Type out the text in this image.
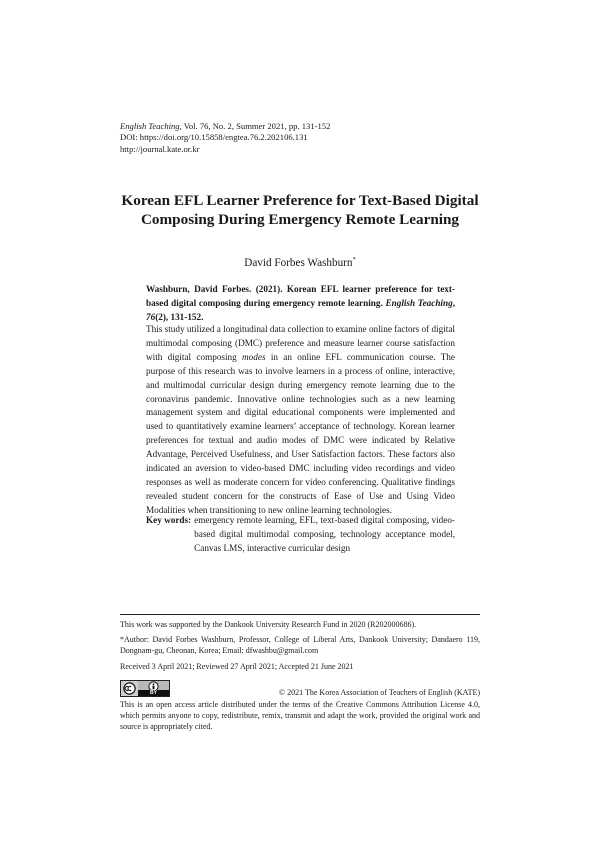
English Teaching, Vol. 76, No. 2, Summer 2021, pp. 131-152
DOI: https://doi.org/10.15858/engtea.76.2.202106.131
http://journal.kate.or.kr
Korean EFL Learner Preference for Text-Based Digital
Composing During Emergency Remote Learning
David Forbes Washburn*
Washburn, David Forbes. (2021). Korean EFL learner preference for text-based digital composing during emergency remote learning. English Teaching, 76(2), 131-152.
This study utilized a longitudinal data collection to examine online factors of digital multimodal composing (DMC) preference and measure learner course satisfaction with digital composing modes in an online EFL communication course. The purpose of this research was to involve learners in a process of online, interactive, and multimodal curricular design during emergency remote learning due to the coronavirus pandemic. Innovative online technologies such as a new learning management system and digital educational components were implemented and used to quantitatively examine learners’ acceptance of technology. Korean learner preferences for textual and audio modes of DMC were indicated by Relative Advantage, Perceived Usefulness, and User Satisfaction factors. These factors also indicated an aversion to video-based DMC including video recordings and video responses as well as moderate concern for video conferencing. Qualitative findings revealed student concern for the constructs of Ease of Use and Using Video Modalities when transitioning to new online learning technologies.
Key words: emergency remote learning, EFL, text-based digital composing, video-based digital multimodal composing, technology acceptance model, Canvas LMS, interactive curricular design

This work was supported by the Dankook University Research Fund in 2020 (R202000686).

*Author: David Forbes Washburn, Professor, College of Liberal Arts, Dankook University; Dandaero 119, Dongnam-gu, Cheonan, Korea; Email: dfwashbu@gmail.com

Received 3 April 2021; Reviewed 27 April 2021; Accepted 21 June 2021

BY	© 2021 The Korea Association of Teachers of English (KATE)
This is an open access article distributed under the terms of the Creative Commons Attribution License 4.0, which permits anyone to copy, redistribute, remix, transmit and adapt the work, provided the original work and source is appropriately cited.
